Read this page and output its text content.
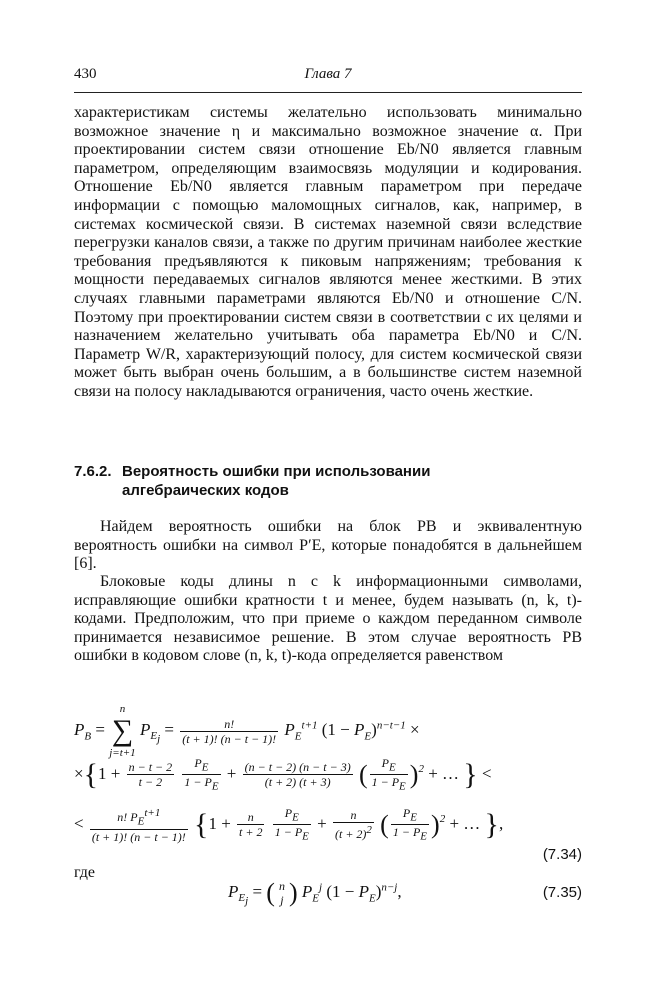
430	Глава 7

характеристикам системы желательно использовать минимально возможное значение η и максимально возможное значение α. При проектировании систем связи отношение Eb/N0 является главным параметром, определяющим взаимосвязь модуляции и кодирования. Отношение Eb/N0 является главным параметром при передаче информации с помощью маломощных сигналов, как, например, в системах космической связи. В системах наземной связи вследствие перегрузки каналов связи, а также по другим причинам наиболее жесткие требования предъявляются к пиковым напряжениям; требования к мощности передаваемых сигналов являются менее жесткими. В этих случаях главными параметрами являются Eb/N0 и отношение C/N. Поэтому при проектировании систем связи в соответствии с их целями и назначением желательно учитывать оба параметра Eb/N0 и C/N. Параметр W/R, характеризующий полосу, для систем космической связи может быть выбран очень большим, а в большинстве систем наземной связи на полосу накладываются ограничения, часто очень жесткие.

7.6.2. Вероятность ошибки при использовании
алгебраических кодов

Найдем вероятность ошибки на блок PB и эквивалентную вероятность ошибки на символ P′E, которые понадобятся в дальнейшем [6].

Блоковые коды длины n с k информационными символами, исправляющие ошибки кратности t и менее, будем называть (n, k, t)-кодами. Предположим, что при приеме о каждом переданном символе принимается независимое решение. В этом случае вероятность PB ошибки в кодовом слове (n, k, t)-кода определяется равенством

$P_B$ =
n
∑
j=t+1
$P_{E_j} = \frac{n!}{(t + 1)! (n - t - 1)!} P_E^{t+1}$ $(1 - P_E)^{n-t-1}$ ×
$\times\{1 + \frac{n - t - 2}{t - 2}$
$\frac{P_E}{1 - P_E} + \frac{(n - t - 2) (n - t - 3)}{(t + 2) (t + 3)}$ ( $\frac{P_E}{1 - P_E} )^2$ + … } <
< $\frac{n! P_E^{t+1}}{(t + 1)! (n - t - 1)!} \{1 + \frac{n}{t + 2}$
$\frac{P_E}{1 - P_E} + \frac{n}{(t + 2)^2}$ ( $\frac{P_E}{1 - P_E} )^2$ + … },
(7.34)
где
$P_{E_j}$ = ( n
j ) $P_E^j$ $(1 - P_E)^{n-j}$,	(7.35)
